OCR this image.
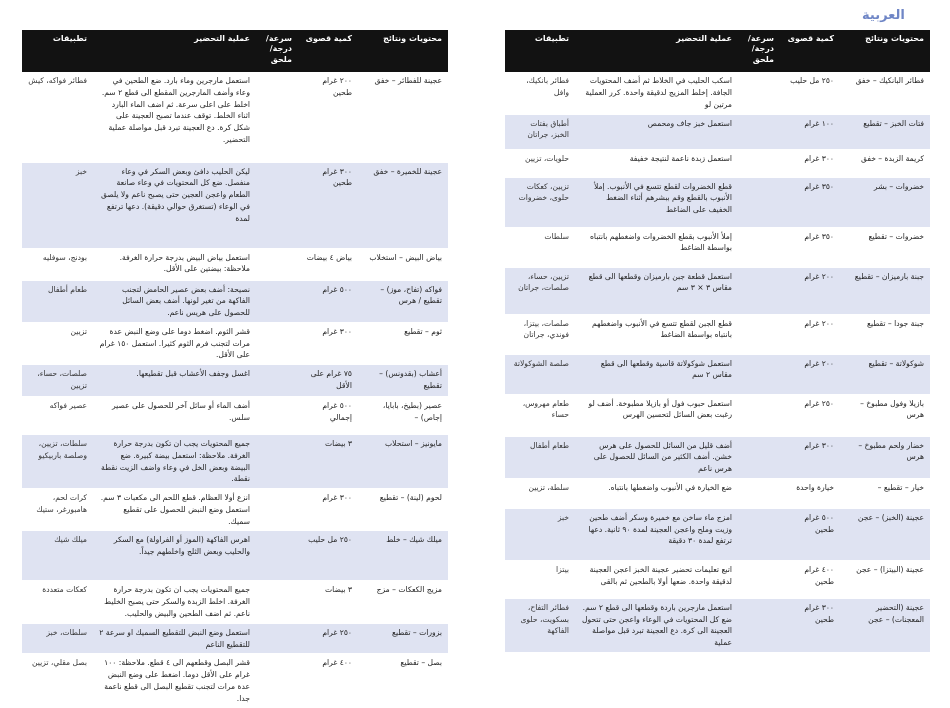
العربية
محتويات ونتائج	كمية قصوى	سرعة/ درجة/ ملحق	عملية التحضير	تطبيقات
فطائر البانكيك – خفق	٢٥٠ مل حليب		اسكب الحليب في الخلاط ثم أضف المحتويات الجافة. إخلط المزيج لدقيقة واحدة. كرر العملية مرتين لو	فطائر بانكيك، وافل
فتات الخبز – تقطيع	١٠٠ غرام		استعمل خبز جاف ومحمص	أطباق بفتات الخبز، جراتان
كريمة الزبدة – خفق	٣٠٠ غرام		استعمل زبدة ناعمة لنتيجة خفيفة	حلويات، تزيين
خضروات – بشر	٣٥٠ غرام		قطع الخضروات لقطع تتسع في الأنبوب. إملأ الأنبوب بالقطع وقم ببشرهم أثناء الضغط الخفيف على الضاغط	تزيين، كعكات حلوى، خضروات
خضروات – تقطيع	٣٥٠ غرام		إملأ الأنبوب بقطع الخضروات واضغطهم بانتباه بواسطة الضاغط	سلطات
جبنة بارميزان – تقطيع	٢٠٠ غرام		استعمل قطعة جبن بارميزان وقطعها الى قطع مقاس ٣ × ٣ سم	تزيين، حساء، صلصات، جراتان
جبنة جودا – تقطيع	٢٠٠ غرام		قطع الجبن لقطع تتسع في الأنبوب واضغطهم بانتباه بواسطة الضاغط	صلصات، بيتزا، فوندي، جراتان
شوكولاتة – تقطيع	٢٠٠ غرام		استعمل شوكولاتة قاسية وقطعها الى قطع مقاس ٢ سم	صلصة الشوكولاتة
بازيلا وفول مطبوخ – هرس	٢٥٠ غرام		استعمل حبوب فول أو بازيلا مطبوخة. أضف لو رغبت بعض السائل لتحسين الهرس	طعام مهروس، حساء
خضار ولحم مطبوخ – هرس	٣٠٠ غرام		أضف قليل من السائل للحصول على هرس خشن. أضف الكثير من السائل للحصول على هرس ناعم	طعام أطفال
خيار – تقطيع –	خيارة واحدة		ضع الخيارة في الأنبوب واضغطها بانتباه.	سلطة، تزيين
عجينة (الخبز) – عجن	٥٠٠ غرام طحين		امزج ماء ساخن مع خميرة وسكر أضف طحين وزيت وملح واعجن العجينة لمدة ٩٠ ثانية. دعها ترتفع لمدة ٣٠ دقيقة	خبز
عجينة (البيتزا) – عجن	٤٠٠ غرام طحين		اتبع تعليمات تحضير عجينة الخبز اعجن العجينة لدقيقة واحدة. ضعها أولا بالطحين ثم بالقى	بيتزا
عجينة (التحضير المعجنات) – عجن	٣٠٠ غرام طحين		استعمل مارجرين باردة وقطعها الى قطع ٢ سم. ضع كل المحتويات في الوعاء واعجن حتى تتحول العجينة الى كرة. دع العجينة تبرد قبل مواصلة عملية	فطائر التفاح، بسكويت، حلوى الفاكهة
محتويات ونتائج	كمية قصوى	سرعة/ درجة/ ملحق	عملية التحضير	تطبيقات
عجينة للفطائر – خفق	٢٠٠ غرام طحين		استعمل مارجرين وماء بارد. ضع الطحين في وعاء وأضف المارجرين المقطع الى قطع ٢ سم. اخلط على اعلى سرعة. ثم اضف الماء البارد اثناء الخلط. توقف عندما تصبح العجينة على شكل كرة. دع العجينة تبرد قبل مواصلة عملية التحضير.	فطائر فواكه، كيش
عجينة للخميرة – خفق	٣٠٠ غرام طحين		ليكن الحليب دافئ وبعض السكر في وعاء منفصل. ضع كل المحتويات في وعاء صانعة الطعام واعجن العجين حتى يصبح ناعم ولا يلصق في الوعاء (تستغرق حوالي دقيقة). دعها ترتفع لمدة	خبز
بياض البيض – استخلاب	بياض ٤ بيضات		استعمل بياض البيض بدرجة حرارة الغرفة. ملاحظة: بيضتين على الأقل.	بودنج، سوفليه
فواكه (تفاح، موز) – تقطيع / هرس	٥٠٠ غرام		نصيحة: أضف بعض عصير الحامض لتجنب الفاكهة من تغير لونها. أضف بعض السائل للحصول على هريس ناعم.	طعام أطفال
ثوم – تقطيع	٣٠٠ غرام		قشر الثوم. اضغط دوما على وضع النبض عدة مرات لتجنب فرم الثوم كثيرا. استعمل ١٥٠ غرام على الأقل.	تزيين
أعشاب (بقدونس) – تقطيع	٧٥ غرام على الأقل		اغسل وجفف الأعشاب قبل تقطيعها.	صلصات، حساء، تزيين
عصير (بطيخ، بابايا، إجاص) –	٥٠٠ غرام إجمالي		أضف الماء أو سائل آخر للحصول على عصير سلس.	عصير فواكه
مايونيز – استحلاب	٣ بيضات		جميع المحتويات يجب ان تكون بدرجة حرارة الغرفة. ملاحظة: استعمل بيضة كبيرة. ضع البيضة وبعض الخل في وعاء واضف الزيت نقطة نقطة.	سلطات، تزيين، وصلصة باربيكيو
لحوم (لينة) – تقطيع	٣٠٠ غرام		انزع أولا العظام. قطع اللحم الى مكعبات ٣ سم. استعمل وضع النبض للحصول على تقطيع سميك.	كرات لحم، هامبورغر، ستيك
ميلك شيك – خلط	٢٥٠ مل حليب		اهرس الفاكهة (الموز أو الفراولة) مع السكر والحليب وبعض الثلج واخلطهم جيداً.	ميلك شيك
مزيج الكعكات – مزج	٣ بيضات		جميع المحتويات يجب ان تكون بدرجة حرارة الغرفة. اخلط الزبدة والسكر حتى يصبح الخليط ناعم. ثم اضف الطحين والبيض والحليب.	كعكات متعددة
بزورات – تقطيع	٢٥٠ غرام		استعمل وضع النبض للتقطيع السميك او سرعة ٢ للتقطيع الناعم	سلطات، خبز
بصل – تقطيع	٤٠٠ غرام		قشر البصل وقطعهم الى ٤ قطع. ملاحظة: ١٠٠ غرام على الأقل دوما. اضغط على وضع النبض عدة مرات لتجنب تقطيع البصل الى قطع ناعمة جدا.	بصل مقلي، تزيين
